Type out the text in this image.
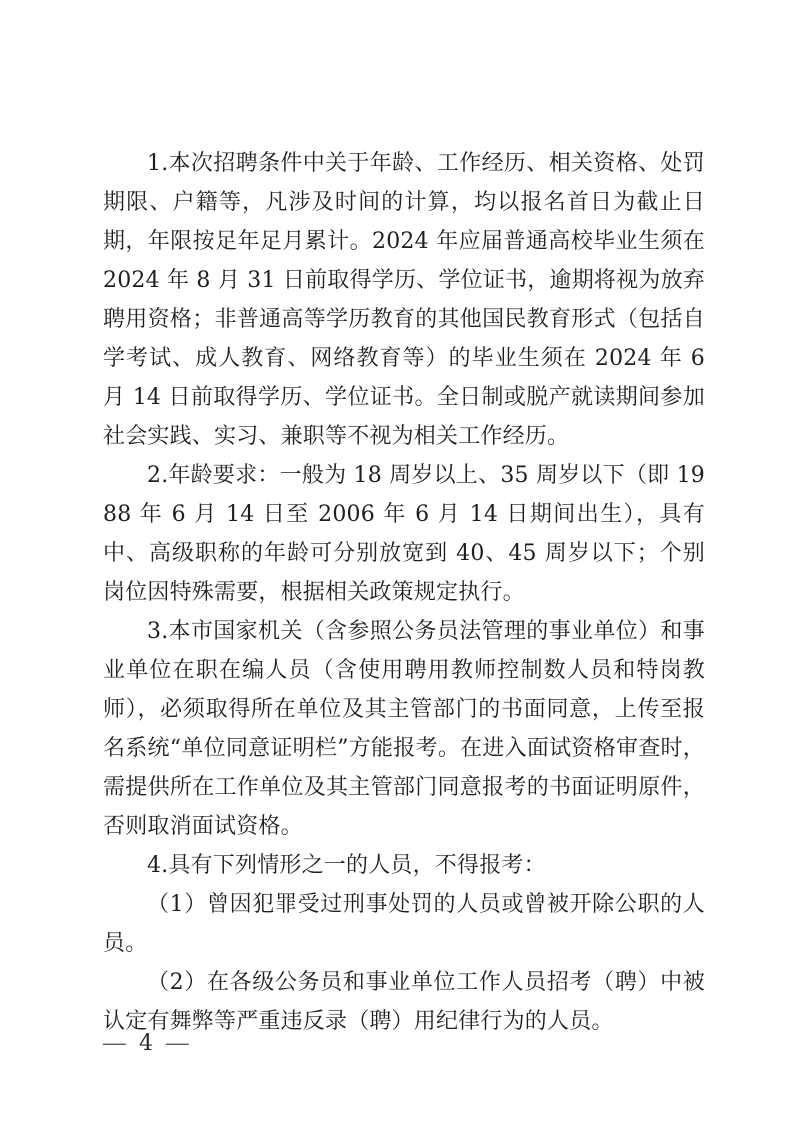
1.本次招聘条件中关于年龄、工作经历、相关资格、处罚期限、户籍等，凡涉及时间的计算，均以报名首日为截止日期，年限按足年足月累计。2024 年应届普通高校毕业生须在 2024 年 8 月 31 日前取得学历、学位证书，逾期将视为放弃聘用资格；非普通高等学历教育的其他国民教育形式（包括自学考试、成人教育、网络教育等）的毕业生须在 2024 年 6 月 14 日前取得学历、学位证书。全日制或脱产就读期间参加社会实践、实习、兼职等不视为相关工作经历。

2.年龄要求：一般为 18 周岁以上、35 周岁以下（即 1988 年 6 月 14 日至 2006 年 6 月 14 日期间出生），具有中、高级职称的年龄可分别放宽到 40、45 周岁以下；个别岗位因特殊需要，根据相关政策规定执行。

3.本市国家机关（含参照公务员法管理的事业单位）和事业单位在职在编人员（含使用聘用教师控制数人员和特岗教师），必须取得所在单位及其主管部门的书面同意，上传至报名系统“单位同意证明栏”方能报考。在进入面试资格审查时，需提供所在工作单位及其主管部门同意报考的书面证明原件，否则取消面试资格。

4.具有下列情形之一的人员，不得报考：

（1）曾因犯罪受过刑事处罚的人员或曾被开除公职的人员。

（2）在各级公务员和事业单位工作人员招考（聘）中被认定有舞弊等严重违反录（聘）用纪律行为的人员。

— 4 —
